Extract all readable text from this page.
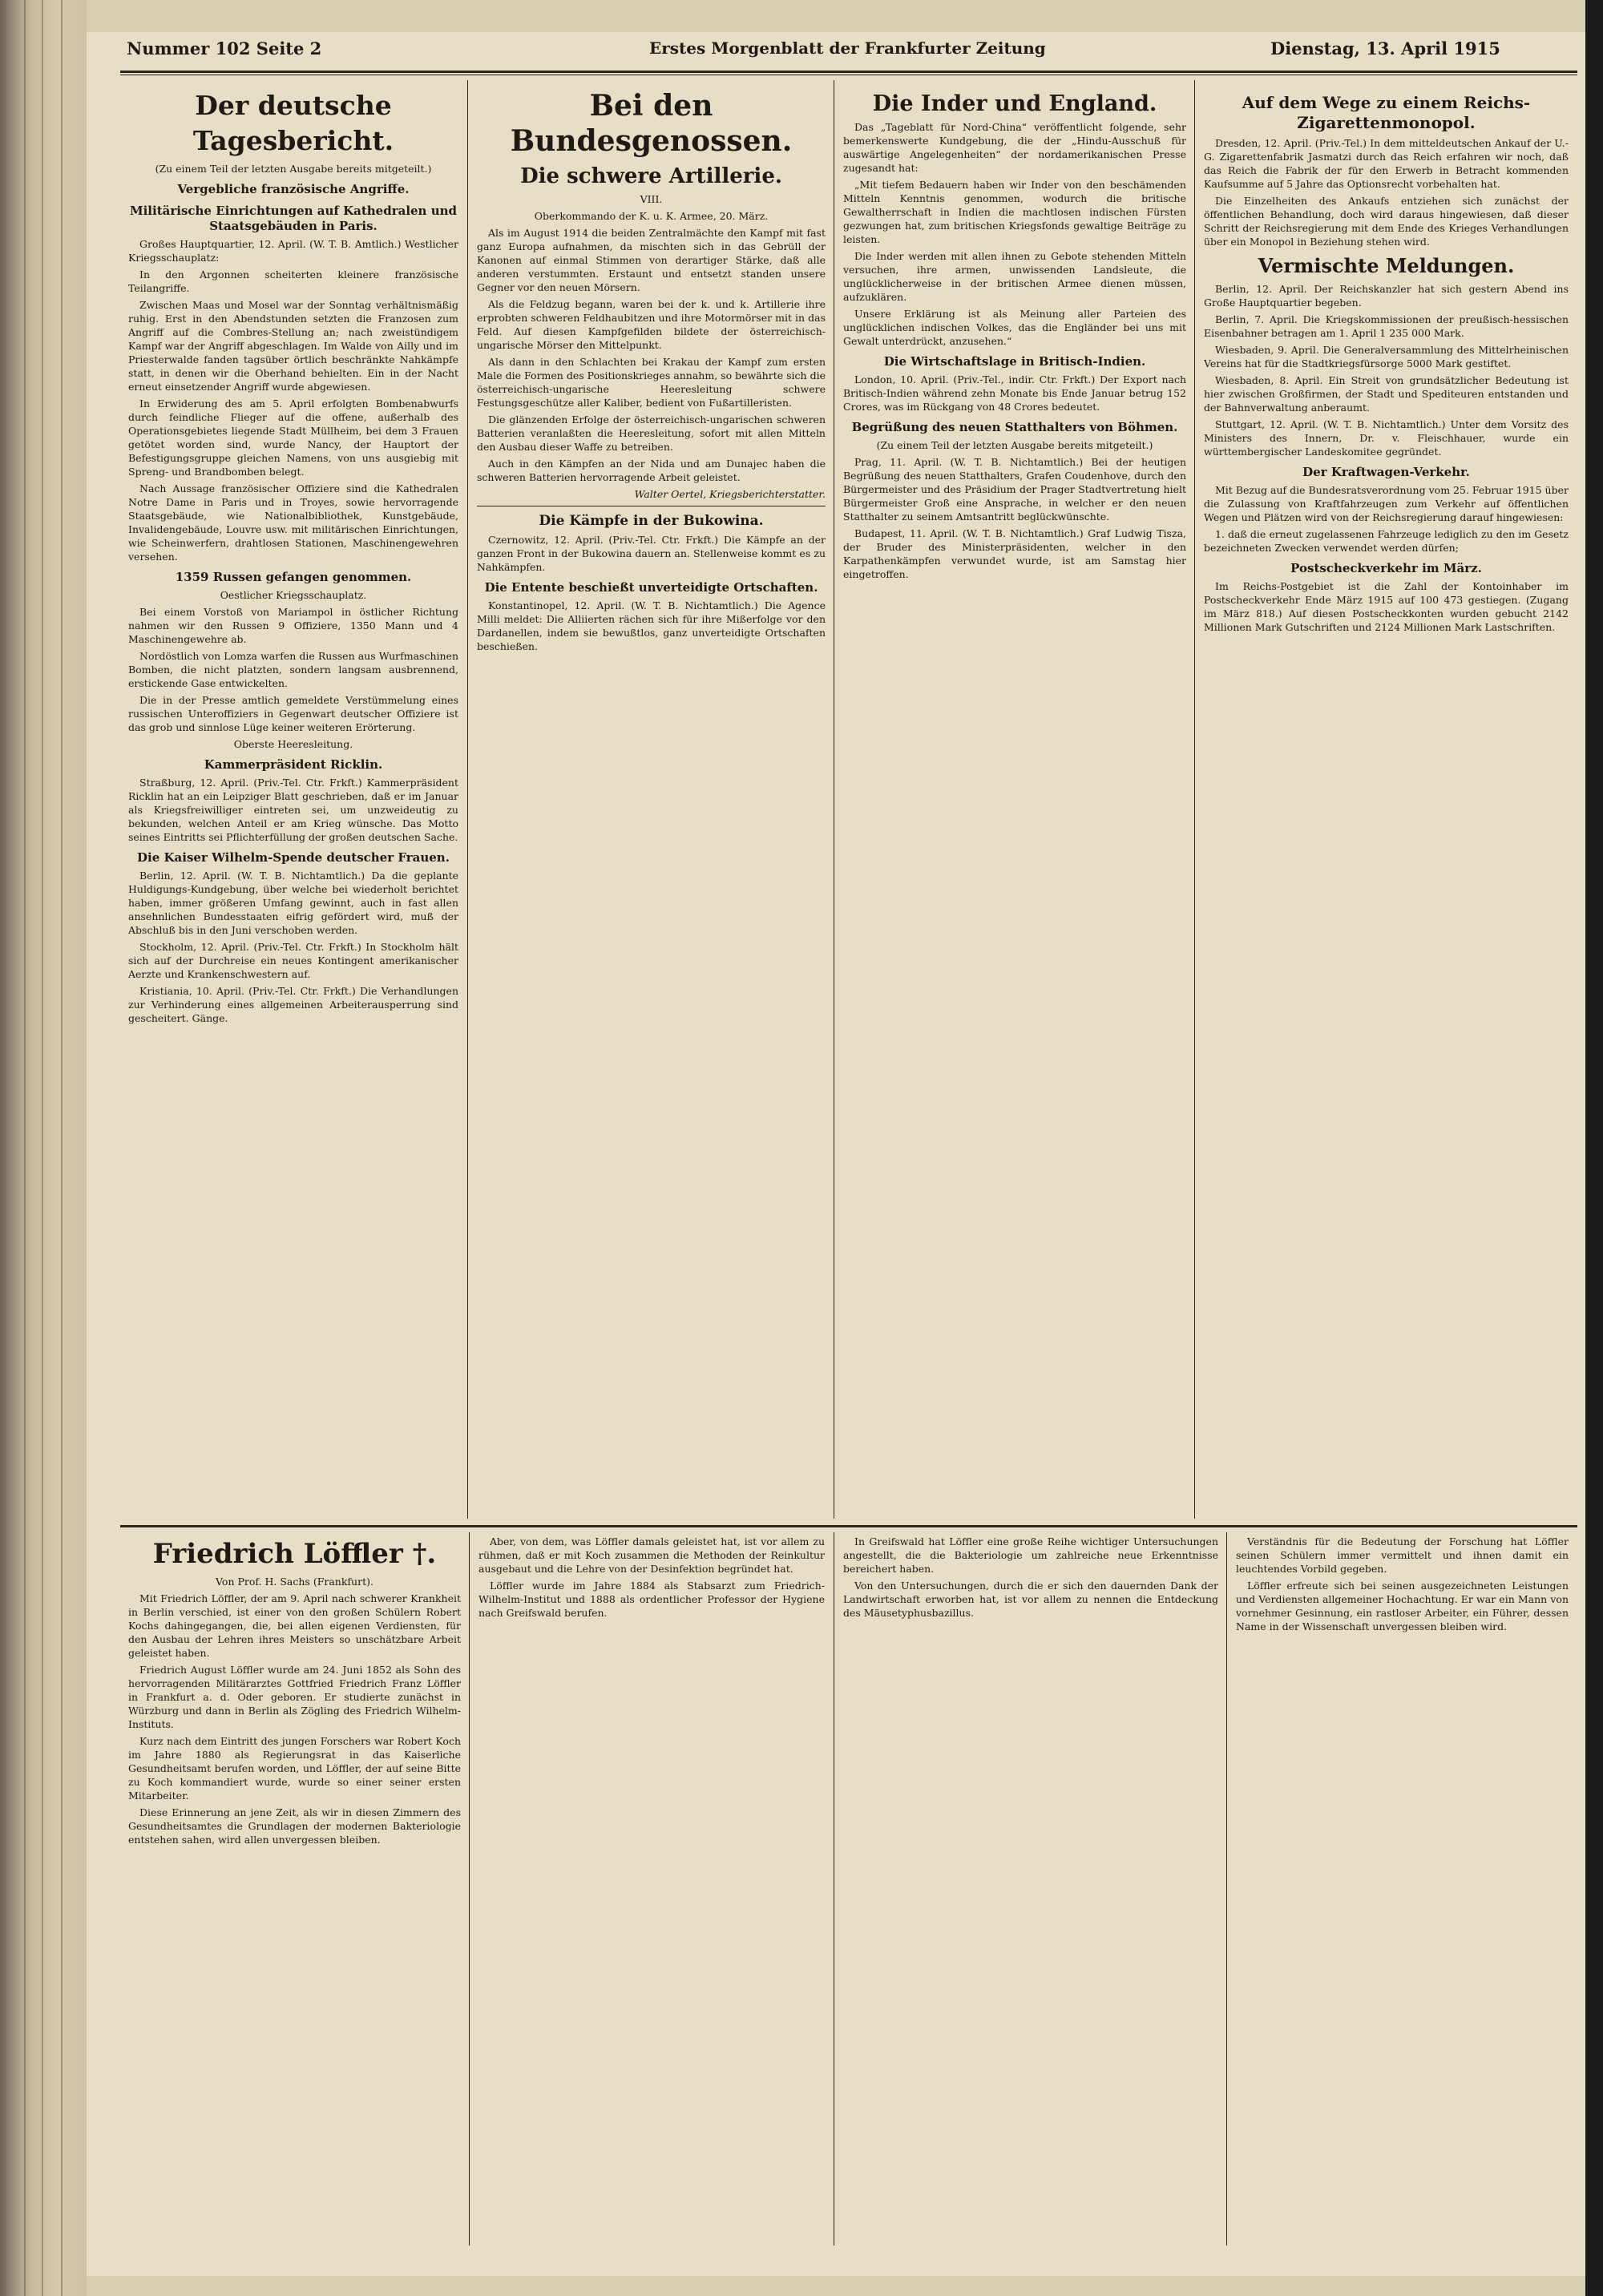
Nummer 102 Seite 2	Erstes Morgenblatt der Frankfurter Zeitung	Dienstag, 13. April 1915
Der deutsche Tagesbericht.

(Zu einem Teil der letzten Ausgabe bereits mitgeteilt.)

Vergebliche französische Angriffe.
Militärische Einrichtungen auf Kathedralen und Staatsgebäuden in Paris.

Großes Hauptquartier, 12. April. (W. T. B. Amtlich.) Westlicher Kriegsschauplatz:

In den Argonnen scheiterten kleinere französische Teilangriffe.

Zwischen Maas und Mosel war der Sonntag verhältnismäßig ruhig. Erst in den Abendstunden setzten die Franzosen zum Angriff auf die Combres-Stellung an; nach zweistündigem Kampf war der Angriff abgeschlagen. Im Walde von Ailly und im Priesterwalde fanden tagsüber örtlich beschränkte Nahkämpfe statt, in denen wir die Oberhand behielten. Ein in der Nacht erneut einsetzender Angriff wurde abgewiesen.

In Erwiderung des am 5. April erfolgten Bombenabwurfs durch feindliche Flieger auf die offene, außerhalb des Operationsgebietes liegende Stadt Müllheim, bei dem 3 Frauen getötet worden sind, wurde Nancy, der Hauptort der Befestigungsgruppe gleichen Namens, von uns ausgiebig mit Spreng- und Brandbomben belegt.

Nach Aussage französischer Offiziere sind die Kathedralen Notre Dame in Paris und in Troyes, sowie hervorragende Staatsgebäude, wie Nationalbibliothek, Kunstgebäude, Invalidengebäude, Louvre usw. mit militärischen Einrichtungen, wie Scheinwerfern, drahtlosen Stationen, Maschinengewehren versehen.

1359 Russen gefangen genommen.

Oestlicher Kriegsschauplatz.

Bei einem Vorstoß von Mariampol in östlicher Richtung nahmen wir den Russen 9 Offiziere, 1350 Mann und 4 Maschinengewehre ab.

Nordöstlich von Lomza warfen die Russen aus Wurfmaschinen Bomben, die nicht platzten, sondern langsam ausbrennend, erstickende Gase entwickelten.

Die in der Presse amtlich gemeldete Verstümmelung eines russischen Unteroffiziers in Gegenwart deutscher Offiziere ist das grob und sinnlose Lüge keiner weiteren Erörterung.

Oberste Heeresleitung.

Kammerpräsident Ricklin.

Straßburg, 12. April. (Priv.-Tel. Ctr. Frkft.) Kammerpräsident Ricklin hat an ein Leipziger Blatt geschrieben, daß er im Januar als Kriegsfreiwilliger eintreten sei, um unzweideutig zu bekunden, welchen Anteil er am Krieg wünsche. Das Motto seines Eintritts sei Pflichterfüllung der großen deutschen Sache.

Die Kaiser Wilhelm-Spende deutscher Frauen.

Berlin, 12. April. (W. T. B. Nichtamtlich.) Da die geplante Huldigungs-Kundgebung, über welche bei wiederholt berichtet haben, immer größeren Umfang gewinnt, auch in fast allen ansehnlichen Bundesstaaten eifrig gefördert wird, muß der Abschluß bis in den Juni verschoben werden.

Stockholm, 12. April. (Priv.-Tel. Ctr. Frkft.) In Stockholm hält sich auf der Durchreise ein neues Kontingent amerikanischer Aerzte und Krankenschwestern auf.

Kristiania, 10. April. (Priv.-Tel. Ctr. Frkft.) Die Verhandlungen zur Verhinderung eines allgemeinen Arbeiterausperrung sind gescheitert. Gänge.

Bei den Bundesgenossen.
Die schwere Artillerie.

VIII.

Oberkommando der K. u. K. Armee, 20. März.

Als im August 1914 die beiden Zentralmächte den Kampf mit fast ganz Europa aufnahmen, da mischten sich in das Gebrüll der Kanonen auf einmal Stimmen von derartiger Stärke, daß alle anderen verstummten. Erstaunt und entsetzt standen unsere Gegner vor den neuen Mörsern.

Als die Feldzug begann, waren bei der k. und k. Artillerie ihre erprobten schweren Feldhaubitzen und ihre Motormörser mit in das Feld. Auf diesen Kampfgefilden bildete der österreichisch-ungarische Mörser den Mittelpunkt.

Als dann in den Schlachten bei Krakau der Kampf zum ersten Male die Formen des Positionskrieges annahm, so bewährte sich die österreichisch-ungarische Heeresleitung schwere Festungsgeschütze aller Kaliber, bedient von Fußartilleristen.

Die glänzenden Erfolge der österreichisch-ungarischen schweren Batterien veranlaßten die Heeresleitung, sofort mit allen Mitteln den Ausbau dieser Waffe zu betreiben.

Auch in den Kämpfen an der Nida und am Dunajec haben die schweren Batterien hervorragende Arbeit geleistet.

Walter Oertel, Kriegsberichterstatter.

Die Kämpfe in der Bukowina.

Czernowitz, 12. April. (Priv.-Tel. Ctr. Frkft.) Die Kämpfe an der ganzen Front in der Bukowina dauern an. Stellenweise kommt es zu Nahkämpfen.

Die Entente beschießt unverteidigte Ortschaften.

Konstantinopel, 12. April. (W. T. B. Nichtamtlich.) Die Agence Milli meldet: Die Alliierten rächen sich für ihre Mißerfolge vor den Dardanellen, indem sie bewußtlos, ganz unverteidigte Ortschaften beschießen.

Die Inder und England.

Das „Tageblatt für Nord-China“ veröffentlicht folgende, sehr bemerkenswerte Kundgebung, die der „Hindu-Ausschuß für auswärtige Angelegenheiten“ der nordamerikanischen Presse zugesandt hat:

„Mit tiefem Bedauern haben wir Inder von den beschämenden Mitteln Kenntnis genommen, wodurch die britische Gewaltherrschaft in Indien die machtlosen indischen Fürsten gezwungen hat, zum britischen Kriegsfonds gewaltige Beiträge zu leisten.

Die Inder werden mit allen ihnen zu Gebote stehenden Mitteln versuchen, ihre armen, unwissenden Landsleute, die unglücklicherweise in der britischen Armee dienen müssen, aufzuklären.

Unsere Erklärung ist als Meinung aller Parteien des unglücklichen indischen Volkes, das die Engländer bei uns mit Gewalt unterdrückt, anzusehen.“

Die Wirtschaftslage in Britisch-Indien.

London, 10. April. (Priv.-Tel., indir. Ctr. Frkft.) Der Export nach Britisch-Indien während zehn Monate bis Ende Januar betrug 152 Crores, was im Rückgang von 48 Crores bedeutet.

Begrüßung des neuen Statthalters von Böhmen.

(Zu einem Teil der letzten Ausgabe bereits mitgeteilt.)

Prag, 11. April. (W. T. B. Nichtamtlich.) Bei der heutigen Begrüßung des neuen Statthalters, Grafen Coudenhove, durch den Bürgermeister und des Präsidium der Prager Stadtvertretung hielt Bürgermeister Groß eine Ansprache, in welcher er den neuen Statthalter zu seinem Amtsantritt beglückwünschte.

Budapest, 11. April. (W. T. B. Nichtamtlich.) Graf Ludwig Tisza, der Bruder des Ministerpräsidenten, welcher in den Karpathenkämpfen verwundet wurde, ist am Samstag hier eingetroffen.

Auf dem Wege zu einem Reichs-Zigarettenmonopol.

Dresden, 12. April. (Priv.-Tel.) In dem mitteldeutschen Ankauf der U.-G. Zigarettenfabrik Jasmatzi durch das Reich erfahren wir noch, daß das Reich die Fabrik der für den Erwerb in Betracht kommenden Kaufsumme auf 5 Jahre das Optionsrecht vorbehalten hat.

Die Einzelheiten des Ankaufs entziehen sich zunächst der öffentlichen Behandlung, doch wird daraus hingewiesen, daß dieser Schritt der Reichsregierung mit dem Ende des Krieges Verhandlungen über ein Monopol in Beziehung stehen wird.

Vermischte Meldungen.

Berlin, 12. April. Der Reichskanzler hat sich gestern Abend ins Große Hauptquartier begeben.

Berlin, 7. April. Die Kriegskommissionen der preußisch-hessischen Eisenbahner betragen am 1. April 1 235 000 Mark.

Wiesbaden, 9. April. Die Generalversammlung des Mittelrheinischen Vereins hat für die Stadtkriegsfürsorge 5000 Mark gestiftet.

Wiesbaden, 8. April. Ein Streit von grundsätzlicher Bedeutung ist hier zwischen Großfirmen, der Stadt und Spediteuren entstanden und der Bahnverwaltung anberaumt.

Stuttgart, 12. April. (W. T. B. Nichtamtlich.) Unter dem Vorsitz des Ministers des Innern, Dr. v. Fleischhauer, wurde ein württembergischer Landeskomitee gegründet.

Der Kraftwagen-Verkehr.

Mit Bezug auf die Bundesratsverordnung vom 25. Februar 1915 über die Zulassung von Kraftfahrzeugen zum Verkehr auf öffentlichen Wegen und Plätzen wird von der Reichsregierung darauf hingewiesen:

1. daß die erneut zugelassenen Fahrzeuge lediglich zu den im Gesetz bezeichneten Zwecken verwendet werden dürfen;

Postscheckverkehr im März.

Im Reichs-Postgebiet ist die Zahl der Kontoinhaber im Postscheckverkehr Ende März 1915 auf 100 473 gestiegen. (Zugang im März 818.) Auf diesen Postscheckkonten wurden gebucht 2142 Millionen Mark Gutschriften und 2124 Millionen Mark Lastschriften.

Friedrich Löffler †.

Von Prof. H. Sachs (Frankfurt).

Mit Friedrich Löffler, der am 9. April nach schwerer Krankheit in Berlin verschied, ist einer von den großen Schülern Robert Kochs dahingegangen, die, bei allen eigenen Verdiensten, für den Ausbau der Lehren ihres Meisters so unschätzbare Arbeit geleistet haben.

Friedrich August Löffler wurde am 24. Juni 1852 als Sohn des hervorragenden Militärarztes Gottfried Friedrich Franz Löffler in Frankfurt a. d. Oder geboren. Er studierte zunächst in Würzburg und dann in Berlin als Zögling des Friedrich Wilhelm-Instituts.

Kurz nach dem Eintritt des jungen Forschers war Robert Koch im Jahre 1880 als Regierungsrat in das Kaiserliche Gesundheitsamt berufen worden, und Löffler, der auf seine Bitte zu Koch kommandiert wurde, wurde so einer seiner ersten Mitarbeiter.

Diese Erinnerung an jene Zeit, als wir in diesen Zimmern des Gesundheitsamtes die Grundlagen der modernen Bakteriologie entstehen sahen, wird allen unvergessen bleiben.

Aber, von dem, was Löffler damals geleistet hat, ist vor allem zu rühmen, daß er mit Koch zusammen die Methoden der Reinkultur ausgebaut und die Lehre von der Desinfektion begründet hat.

Löffler wurde im Jahre 1884 als Stabsarzt zum Friedrich-Wilhelm-Institut und 1888 als ordentlicher Professor der Hygiene nach Greifswald berufen.

In Greifswald hat Löffler eine große Reihe wichtiger Untersuchungen angestellt, die die Bakteriologie um zahlreiche neue Erkenntnisse bereichert haben.

Von den Untersuchungen, durch die er sich den dauernden Dank der Landwirtschaft erworben hat, ist vor allem zu nennen die Entdeckung des Mäusetyphusbazillus.

Verständnis für die Bedeutung der Forschung hat Löffler seinen Schülern immer vermittelt und ihnen damit ein leuchtendes Vorbild gegeben.

Löffler erfreute sich bei seinen ausgezeichneten Leistungen und Verdiensten allgemeiner Hochachtung. Er war ein Mann von vornehmer Gesinnung, ein rastloser Arbeiter, ein Führer, dessen Name in der Wissenschaft unvergessen bleiben wird.
